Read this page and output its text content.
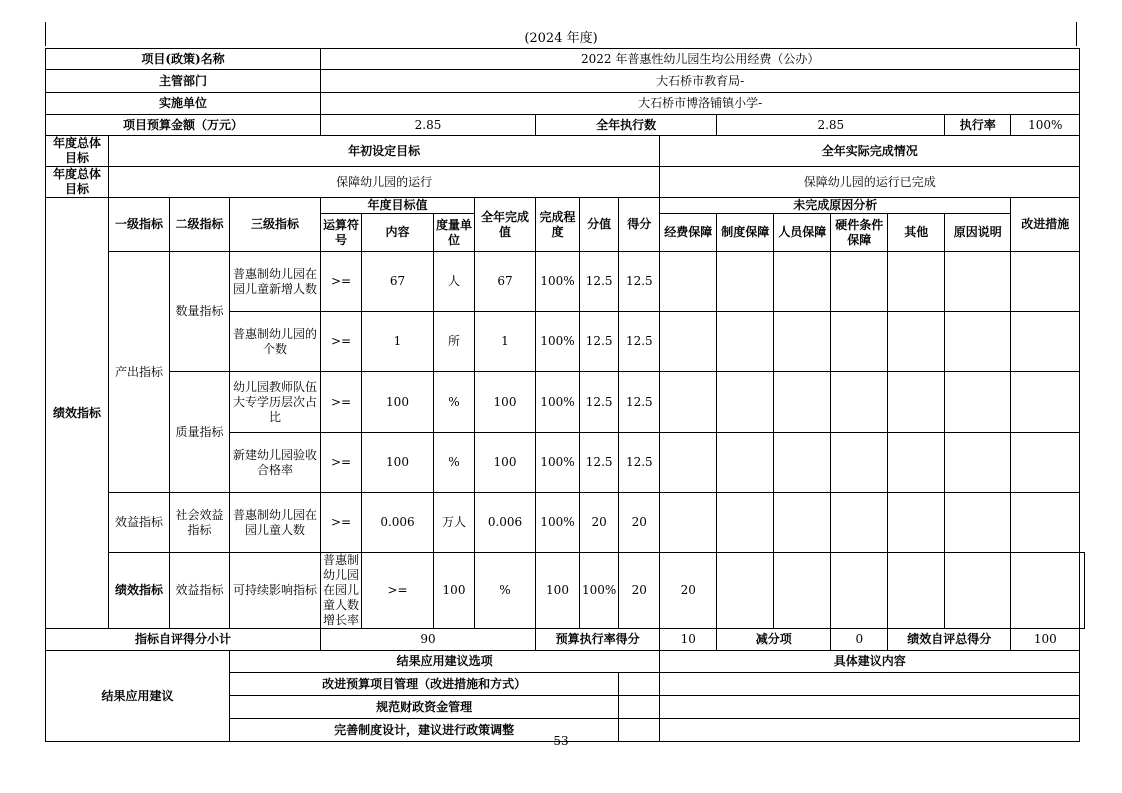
(2024 年度)
项目(政策)名称				2022 年普惠性幼儿园生均公用经费（公办）														
主管部门				大石桥市教育局-														
实施单位				大石桥市博洛铺镇小学-														
项目预算金额（万元）				2.85				全年执行数				2.85				执行率	100%	
年度总体目标	年初设定目标										全年实际完成情况							
年度总体目标	保障幼儿园的运行										保障幼儿园的运行已完成							
绩效指标	一级指标	二级指标	三级指标	年度目标值			全年完成值	完成程度	分值	得分	未完成原因分析						改进措施	
				运算符号	内容	度量单位					经费保障	制度保障	人员保障	硬件条件保障	其他	原因说明		
	产出指标	数量指标	普惠制幼儿园在园儿童新增人数	>=	67	人	67	100%	12.5	12.5								
			普惠制幼儿园的个数	>=	1	所	1	100%	12.5	12.5								
		质量指标	幼儿园教师队伍大专学历层次占比	>=	100	%	100	100%	12.5	12.5								
			新建幼儿园验收合格率	>=	100	%	100	100%	12.5	12.5								
	效益指标	社会效益指标	普惠制幼儿园在园儿童人数	>=	0.006	万人	0.006	100%	20	20								
	绩效指标	效益指标	可持续影响指标	普惠制幼儿园在园儿童人数增长率	>=	100	%	100	100%	20	20							
指标自评得分小计				90				预算执行率得分			10	减分项		0	绩效自评总得分		100	
结果应用建议			结果应用建议选项								具体建议内容							
			改进预算项目管理（改进措施和方式）															
			规范财政资金管理															
			完善制度设计，建议进行政策调整															
53
